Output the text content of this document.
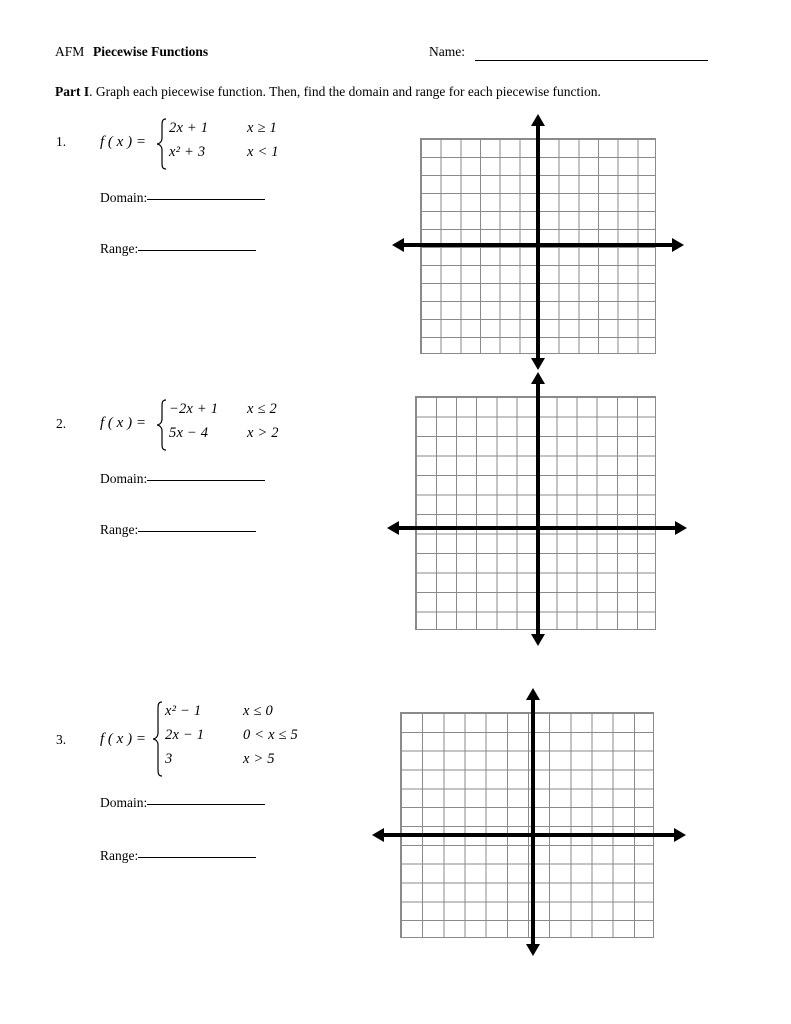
AFM Piecewise Functions	Name:
Part I. Graph each piecewise function. Then, find the domain and range for each piecewise function.
1. f ( x ) =
2x + 1	x ≥ 1
x² + 3	x < 1
Domain:
Range:
2. f ( x ) =
−2x + 1	x ≤ 2
5x − 4	x > 2
Domain:
Range:
3. f ( x ) =
x² − 1	x ≤ 0
2x − 1	0 < x ≤ 5
3	x > 5
Domain:
Range:
